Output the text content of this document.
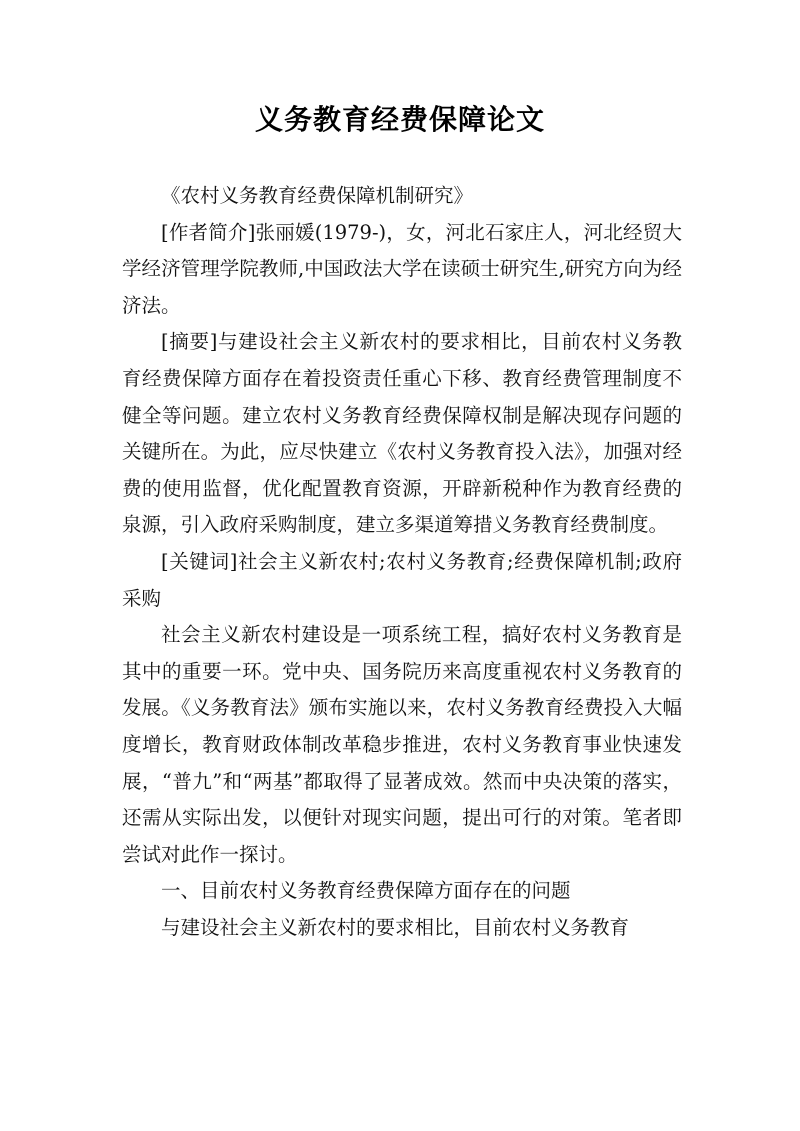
义务教育经费保障论文

《农村义务教育经费保障机制研究》

[作者简介]张丽媛(1979-)，女，河北石家庄人，河北经贸大学经济管理学院教师,中国政法大学在读硕士研究生,研究方向为经济法。

[摘要]与建设社会主义新农村的要求相比，目前农村义务教育经费保障方面存在着投资责任重心下移、教育经费管理制度不健全等问题。建立农村义务教育经费保障权制是解决现存问题的关键所在。为此，应尽快建立《农村义务教育投入法》，加强对经费的使用监督，优化配置教育资源，开辟新税种作为教育经费的泉源，引入政府采购制度，建立多渠道筹措义务教育经费制度。

[关键词]社会主义新农村;农村义务教育;经费保障机制;政府采购

社会主义新农村建设是一项系统工程，搞好农村义务教育是其中的重要一环。党中央、国务院历来高度重视农村义务教育的发展。《义务教育法》颁布实施以来，农村义务教育经费投入大幅度增长，教育财政体制改革稳步推进，农村义务教育事业快速发展，“普九”和“两基”都取得了显著成效。然而中央决策的落实，还需从实际出发，以便针对现实问题，提出可行的对策。笔者即尝试对此作一探讨。

一、目前农村义务教育经费保障方面存在的问题

与建设社会主义新农村的要求相比，目前农村义务教育
